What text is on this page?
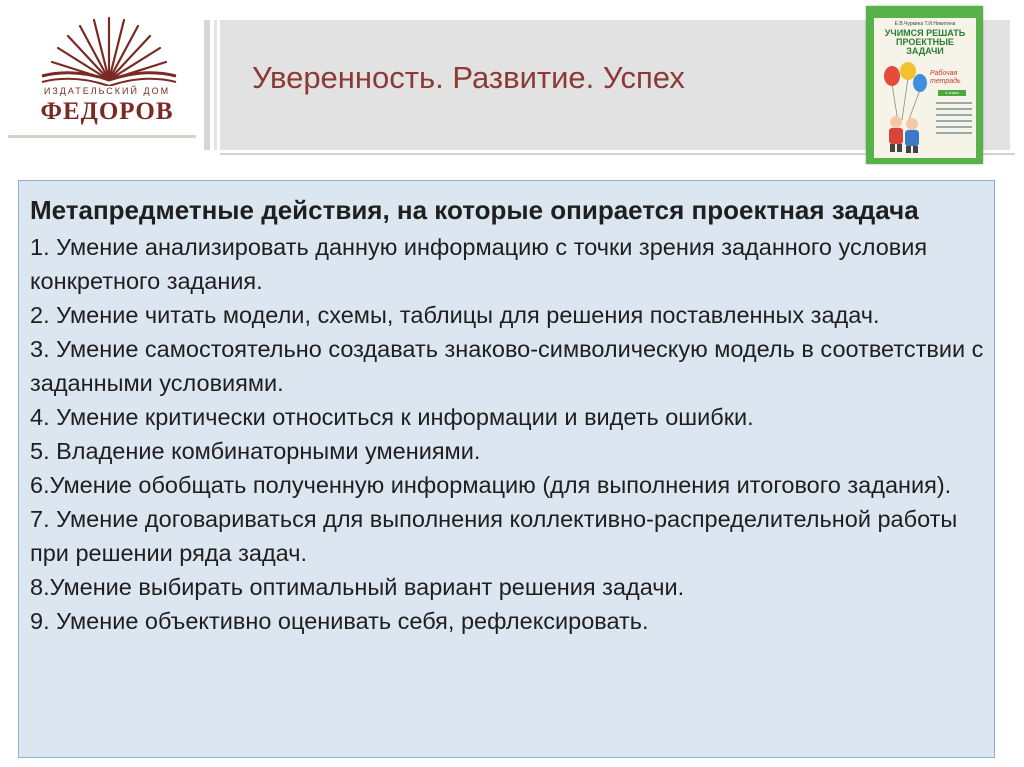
ИЗДАТЕЛЬСКИЙ ДОМ
ФЕДОРОВ
Уверенность. Развитие. Успех
Е.В.Чуркина Т.И.Никитина
УЧИМСЯ РЕШАТЬ
ПРОЕКТНЫЕ
ЗАДАЧИ
Рабочая тетрадь
4 класс
Метапредметные действия, на которые опирается проектная задача
1. Умение анализировать данную информацию с точки зрения заданного условия конкретного задания.
2. Умение читать модели, схемы, таблицы для решения поставленных задач.
3. Умение самостоятельно создавать знаково-символическую модель в соответствии с заданными условиями.
4. Умение критически относиться к информации и видеть ошибки.
5. Владение комбинаторными умениями.
6.Умение обобщать полученную информацию (для выполнения итогового задания).
7. Умение договариваться для выполнения коллективно-распределительной работы при решении ряда задач.
8.Умение выбирать оптимальный вариант решения задачи.
9. Умение объективно оценивать себя, рефлексировать.
